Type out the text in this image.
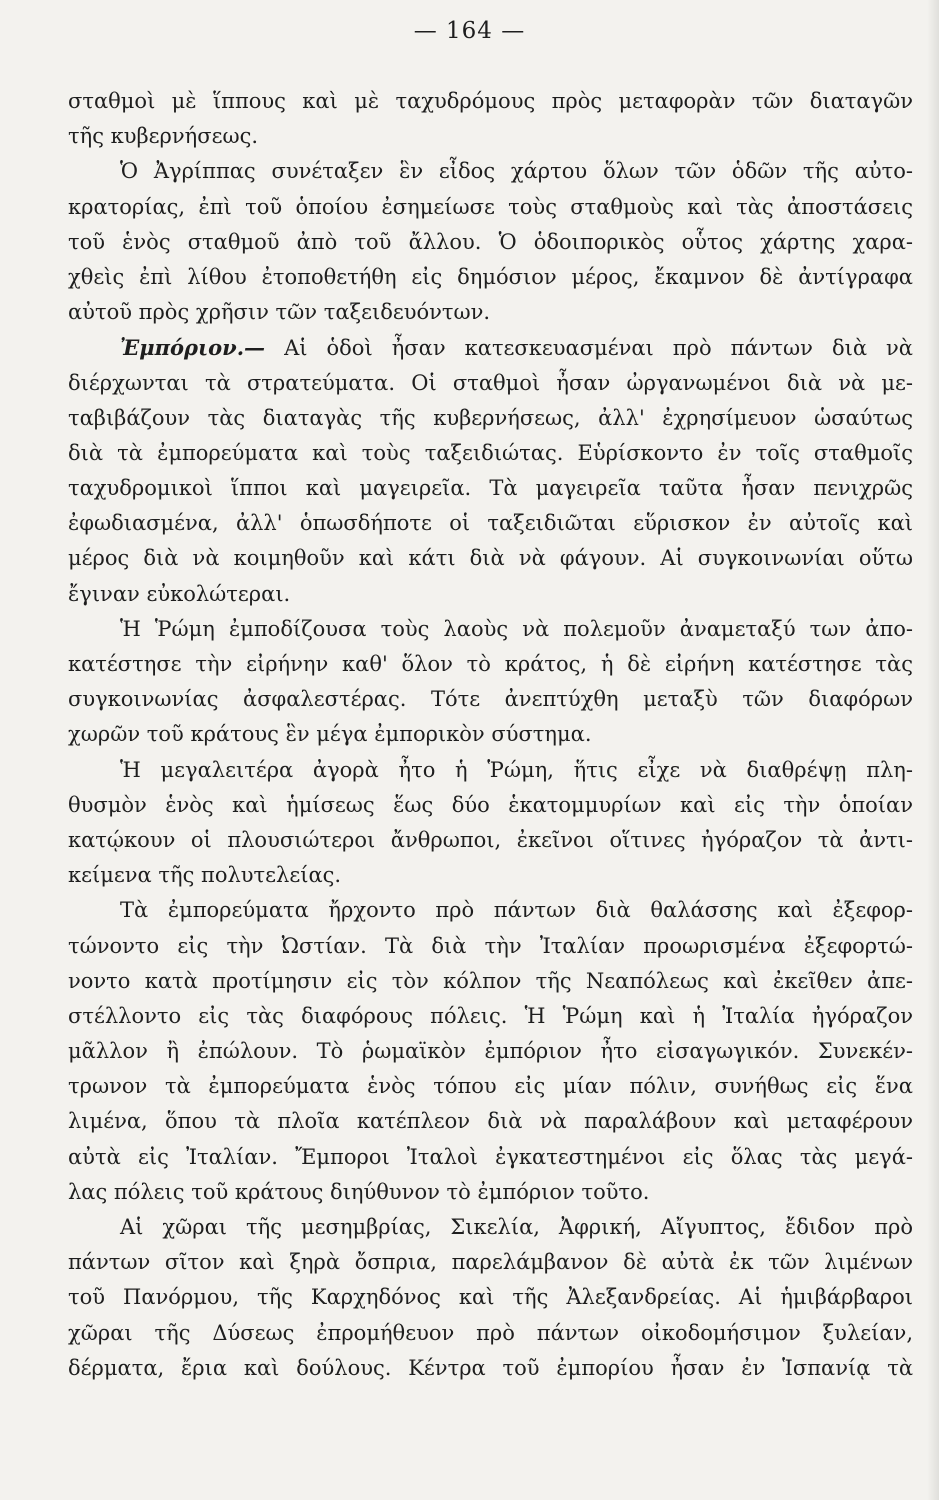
— 164 —
σταθμοὶ μὲ ἵππους καὶ μὲ ταχυδρόμους πρὸς μεταφορὰν τῶν διαταγῶν
τῆς κυβερνήσεως.
Ὁ Ἀγρίππας συνέταξεν ἓν εἶδος χάρτου ὅλων τῶν ὁδῶν τῆς αὐτο-
κρατορίας, ἐπὶ τοῦ ὁποίου ἐσημείωσε τοὺς σταθμοὺς καὶ τὰς ἀποστάσεις
τοῦ ἑνὸς σταθμοῦ ἀπὸ τοῦ ἄλλου. Ὁ ὁδοιπορικὸς οὗτος χάρτης χαρα-
χθεὶς ἐπὶ λίθου ἐτοποθετήθη εἰς δημόσιον μέρος, ἔκαμνον δὲ ἀντίγραφα
αὐτοῦ πρὸς χρῆσιν τῶν ταξειδευόντων.
Ἐμπόριον.— Αἱ ὁδοὶ ἦσαν κατεσκευασμέναι πρὸ πάντων διὰ νὰ
διέρχωνται τὰ στρατεύματα. Οἱ σταθμοὶ ἦσαν ὠργανωμένοι διὰ νὰ με-
ταβιβάζουν τὰς διαταγὰς τῆς κυβερνήσεως, ἀλλ' ἐχρησίμευον ὡσαύτως
διὰ τὰ ἐμπορεύματα καὶ τοὺς ταξειδιώτας. Εὑρίσκοντο ἐν τοῖς σταθμοῖς
ταχυδρομικοὶ ἵπποι καὶ μαγειρεῖα. Τὰ μαγειρεῖα ταῦτα ἦσαν πενιχρῶς
ἐφωδιασμένα, ἀλλ' ὁπωσδήποτε οἱ ταξειδιῶται εὕρισκον ἐν αὐτοῖς καὶ
μέρος διὰ νὰ κοιμηθοῦν καὶ κάτι διὰ νὰ φάγουν. Αἱ συγκοινωνίαι οὕτω
ἔγιναν εὐκολώτεραι.
Ἡ Ῥώμη ἐμποδίζουσα τοὺς λαοὺς νὰ πολεμοῦν ἀναμεταξύ των ἀπο-
κατέστησε τὴν εἰρήνην καθ' ὅλον τὸ κράτος, ἡ δὲ εἰρήνη κατέστησε τὰς
συγκοινωνίας ἀσφαλεστέρας. Τότε ἀνεπτύχθη μεταξὺ τῶν διαφόρων
χωρῶν τοῦ κράτους ἓν μέγα ἐμπορικὸν σύστημα.
Ἡ μεγαλειτέρα ἀγορὰ ἦτο ἡ Ῥώμη, ἥτις εἶχε νὰ διαθρέψῃ πλη-
θυσμὸν ἑνὸς καὶ ἡμίσεως ἕως δύο ἑκατομμυρίων καὶ εἰς τὴν ὁποίαν
κατῴκουν οἱ πλουσιώτεροι ἄνθρωποι, ἐκεῖνοι οἵτινες ἠγόραζον τὰ ἀντι-
κείμενα τῆς πολυτελείας.
Τὰ ἐμπορεύματα ἤρχοντο πρὸ πάντων διὰ θαλάσσης καὶ ἐξεφορ-
τώνοντο εἰς τὴν Ὠστίαν. Τὰ διὰ τὴν Ἰταλίαν προωρισμένα ἐξεφορτώ-
νοντο κατὰ προτίμησιν εἰς τὸν κόλπον τῆς Νεαπόλεως καὶ ἐκεῖθεν ἀπε-
στέλλοντο εἰς τὰς διαφόρους πόλεις. Ἡ Ῥώμη καὶ ἡ Ἰταλία ἠγόραζον
μᾶλλον ἢ ἐπώλουν. Τὸ ῥωμαϊκὸν ἐμπόριον ἦτο εἰσαγωγικόν. Συνεκέν-
τρωνον τὰ ἐμπορεύματα ἑνὸς τόπου εἰς μίαν πόλιν, συνήθως εἰς ἕνα
λιμένα, ὅπου τὰ πλοῖα κατέπλεον διὰ νὰ παραλάβουν καὶ μεταφέρουν
αὐτὰ εἰς Ἰταλίαν. Ἔμποροι Ἰταλοὶ ἐγκατεστημένοι εἰς ὅλας τὰς μεγά-
λας πόλεις τοῦ κράτους διηύθυνον τὸ ἐμπόριον τοῦτο.
Αἱ χῶραι τῆς μεσημβρίας, Σικελία, Ἀφρική, Αἴγυπτος, ἔδιδον πρὸ
πάντων σῖτον καὶ ξηρὰ ὄσπρια, παρελάμβανον δὲ αὐτὰ ἐκ τῶν λιμένων
τοῦ Πανόρμου, τῆς Καρχηδόνος καὶ τῆς Ἀλεξανδρείας. Αἱ ἡμιβάρβαροι
χῶραι τῆς Δύσεως ἐπρομήθευον πρὸ πάντων οἰκοδομήσιμον ξυλείαν,
δέρματα, ἔρια καὶ δούλους. Κέντρα τοῦ ἐμπορίου ἦσαν ἐν Ἱσπανίᾳ τὰ
